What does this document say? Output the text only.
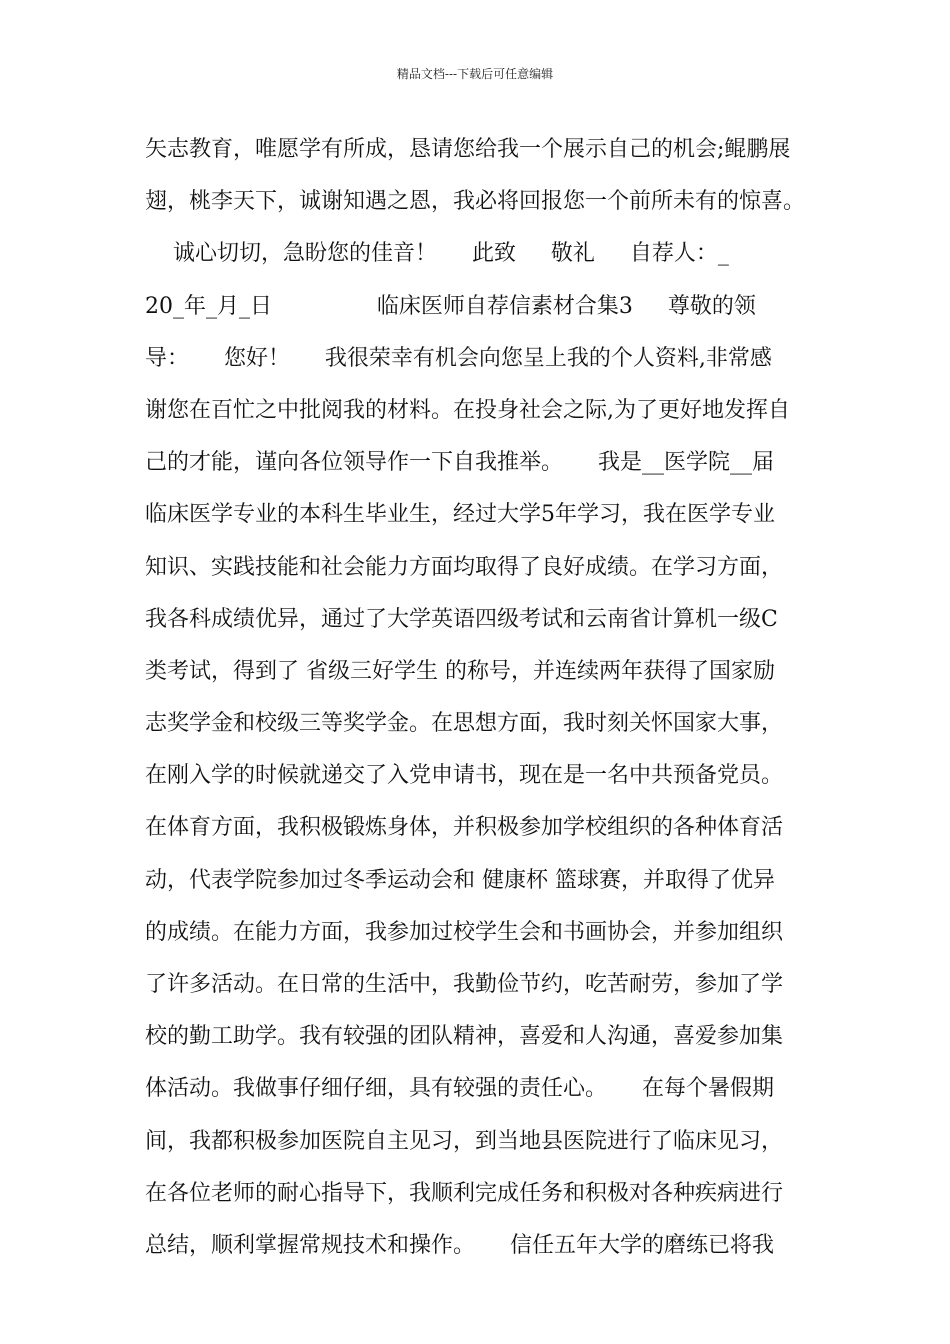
精品文档---下载后可任意编辑
矢志教育，唯愿学有所成，恳请您给我一个展示自己的机会;鲲鹏展
翅，桃李天下，诚谢知遇之恩，我必将回报您一个前所未有的惊喜。
诚心切切，急盼您的佳音！     此致     敬礼     自荐人：_
20_年_月_日               临床医师自荐信素材合集3     尊敬的领
导：     您好！     我很荣幸有机会向您呈上我的个人资料,非常感
谢您在百忙之中批阅我的材料。在投身社会之际,为了更好地发挥自
己的才能，谨向各位领导作一下自我推举。     我是__医学院__届
临床医学专业的本科生毕业生，经过大学5年学习，我在医学专业
知识、实践技能和社会能力方面均取得了良好成绩。在学习方面，
我各科成绩优异，通过了大学英语四级考试和云南省计算机一级C
类考试，得到了 省级三好学生 的称号，并连续两年获得了国家励
志奖学金和校级三等奖学金。在思想方面，我时刻关怀国家大事，
在刚入学的时候就递交了入党申请书，现在是一名中共预备党员。
在体育方面，我积极锻炼身体，并积极参加学校组织的各种体育活
动，代表学院参加过冬季运动会和 健康杯 篮球赛，并取得了优异
的成绩。在能力方面，我参加过校学生会和书画协会，并参加组织
了许多活动。在日常的生活中，我勤俭节约，吃苦耐劳，参加了学
校的勤工助学。我有较强的团队精神，喜爱和人沟通，喜爱参加集
体活动。我做事仔细仔细，具有较强的责任心。     在每个暑假期
间，我都积极参加医院自主见习，到当地县医院进行了临床见习，
在各位老师的耐心指导下，我顺利完成任务和积极对各种疾病进行
总结，顺利掌握常规技术和操作。     信任五年大学的磨练已将我
